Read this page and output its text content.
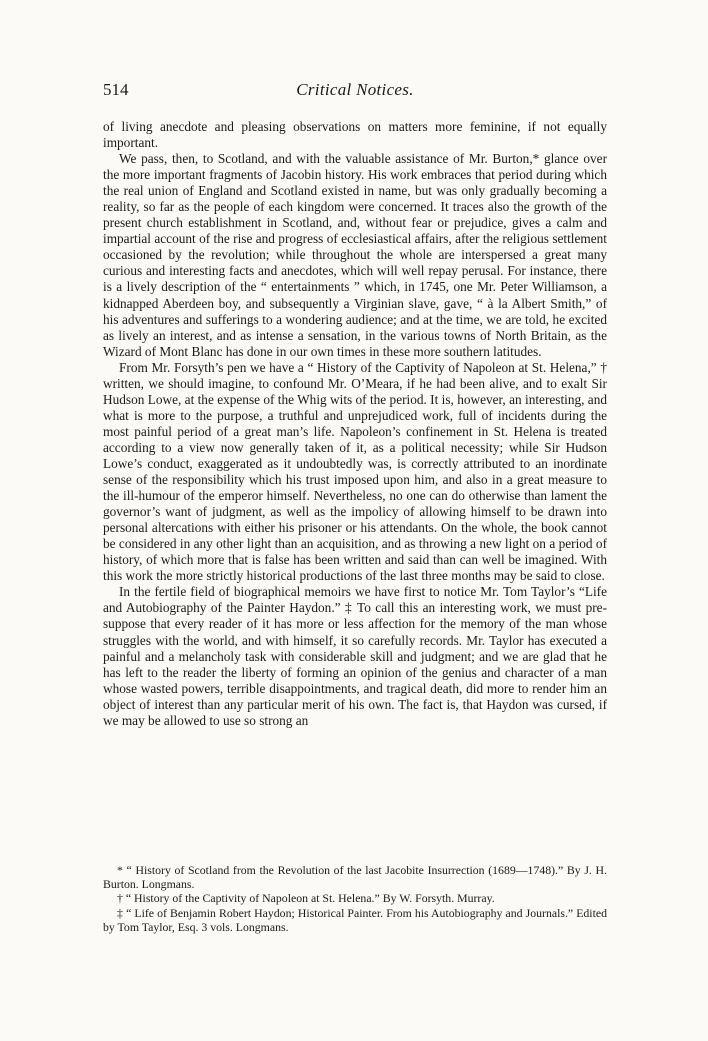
514	Critical Notices.

of living anecdote and pleasing observations on matters more feminine, if not equally important.

We pass, then, to Scotland, and with the valuable assistance of Mr. Burton,* glance over the more important fragments of Jacobin history. His work embraces that period during which the real union of England and Scotland existed in name, but was only gradually becoming a reality, so far as the people of each kingdom were concerned. It traces also the growth of the present church establishment in Scotland, and, without fear or prejudice, gives a calm and impartial account of the rise and progress of ecclesiastical affairs, after the religious settlement occasioned by the revolution; while throughout the whole are interspersed a great many curious and interesting facts and anecdotes, which will well repay perusal. For instance, there is a lively description of the “ entertainments ” which, in 1745, one Mr. Peter Williamson, a kidnapped Aberdeen boy, and subsequently a Virginian slave, gave, “ à la Albert Smith,” of his adventures and sufferings to a wondering audience; and at the time, we are told, he excited as lively an interest, and as intense a sensation, in the various towns of North Britain, as the Wizard of Mont Blanc has done in our own times in these more southern latitudes.

From Mr. Forsyth’s pen we have a “ History of the Captivity of Napoleon at St. Helena,” † written, we should imagine, to confound Mr. O’Meara, if he had been alive, and to exalt Sir Hudson Lowe, at the expense of the Whig wits of the period. It is, however, an interesting, and what is more to the purpose, a truthful and unprejudiced work, full of incidents during the most painful period of a great man’s life. Napoleon’s confinement in St. Helena is treated according to a view now generally taken of it, as a political necessity; while Sir Hudson Lowe’s conduct, exaggerated as it undoubtedly was, is correctly attributed to an inordinate sense of the responsibility which his trust imposed upon him, and also in a great measure to the ill-humour of the emperor himself. Nevertheless, no one can do otherwise than lament the governor’s want of judgment, as well as the impolicy of allowing himself to be drawn into personal altercations with either his prisoner or his attendants. On the whole, the book cannot be considered in any other light than an acquisition, and as throwing a new light on a period of history, of which more that is false has been written and said than can well be imagined. With this work the more strictly historical productions of the last three months may be said to close.

In the fertile field of biographical memoirs we have first to notice Mr. Tom Taylor’s “Life and Autobiography of the Painter Haydon.” ‡ To call this an interesting work, we must pre-suppose that every reader of it has more or less affection for the memory of the man whose struggles with the world, and with himself, it so carefully records. Mr. Taylor has executed a painful and a melancholy task with considerable skill and judgment; and we are glad that he has left to the reader the liberty of forming an opinion of the genius and character of a man whose wasted powers, terrible disappointments, and tragical death, did more to render him an object of interest than any particular merit of his own. The fact is, that Haydon was cursed, if we may be allowed to use so strong an

* “ History of Scotland from the Revolution of the last Jacobite Insurrection (1689—1748).” By J. H. Burton. Longmans.

† “ History of the Captivity of Napoleon at St. Helena.” By W. Forsyth. Murray.

‡ “ Life of Benjamin Robert Haydon; Historical Painter. From his Autobiography and Journals.” Edited by Tom Taylor, Esq. 3 vols. Longmans.
